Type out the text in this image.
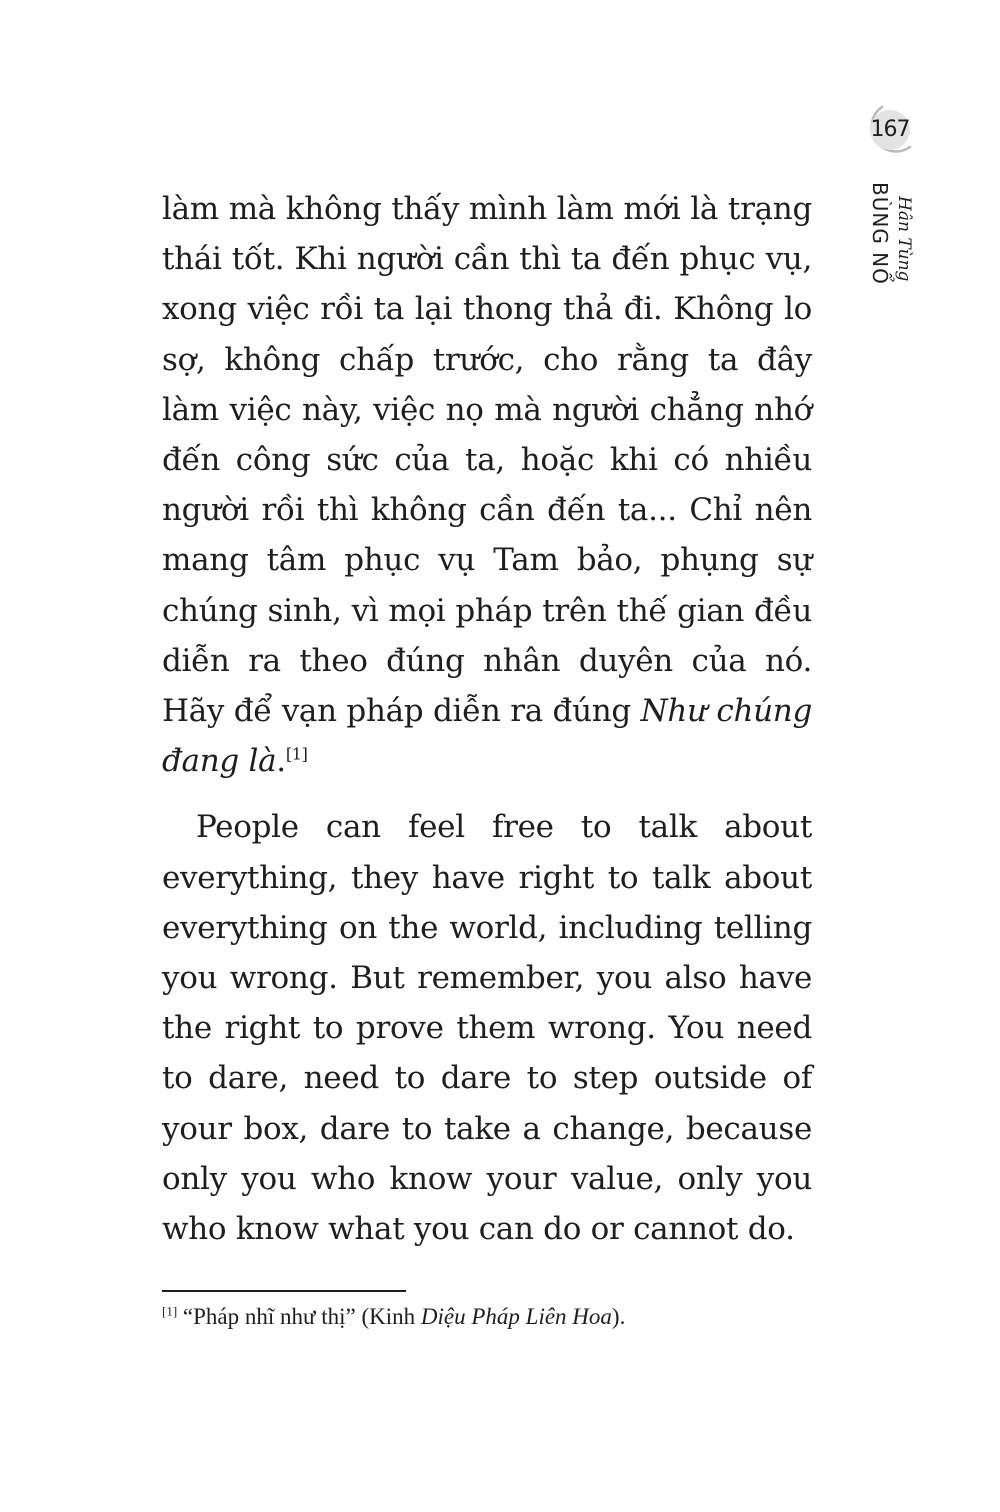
167
BÙNG NỔ Hân Tùng

làm mà không thấy mình làm mới là trạng thái tốt. Khi người cần thì ta đến phục vụ, xong việc rồi ta lại thong thả đi. Không lo sợ, không chấp trước, cho rằng ta đây làm việc này, việc nọ mà người chẳng nhớ đến công sức của ta, hoặc khi có nhiều người rồi thì không cần đến ta... Chỉ nên mang tâm phục vụ Tam bảo, phụng sự chúng sinh, vì mọi pháp trên thế gian đều diễn ra theo đúng nhân duyên của nó. Hãy để vạn pháp diễn ra đúng Như chúng đang là.[1]

People can feel free to talk about everything, they have right to talk about everything on the world, including telling you wrong. But remember, you also have the right to prove them wrong. You need to dare, need to dare to step outside of your box, dare to take a change, because only you who know your value, only you who know what you can do or cannot do.

[1] “Pháp nhĩ như thị” (Kinh Diệu Pháp Liên Hoa).
